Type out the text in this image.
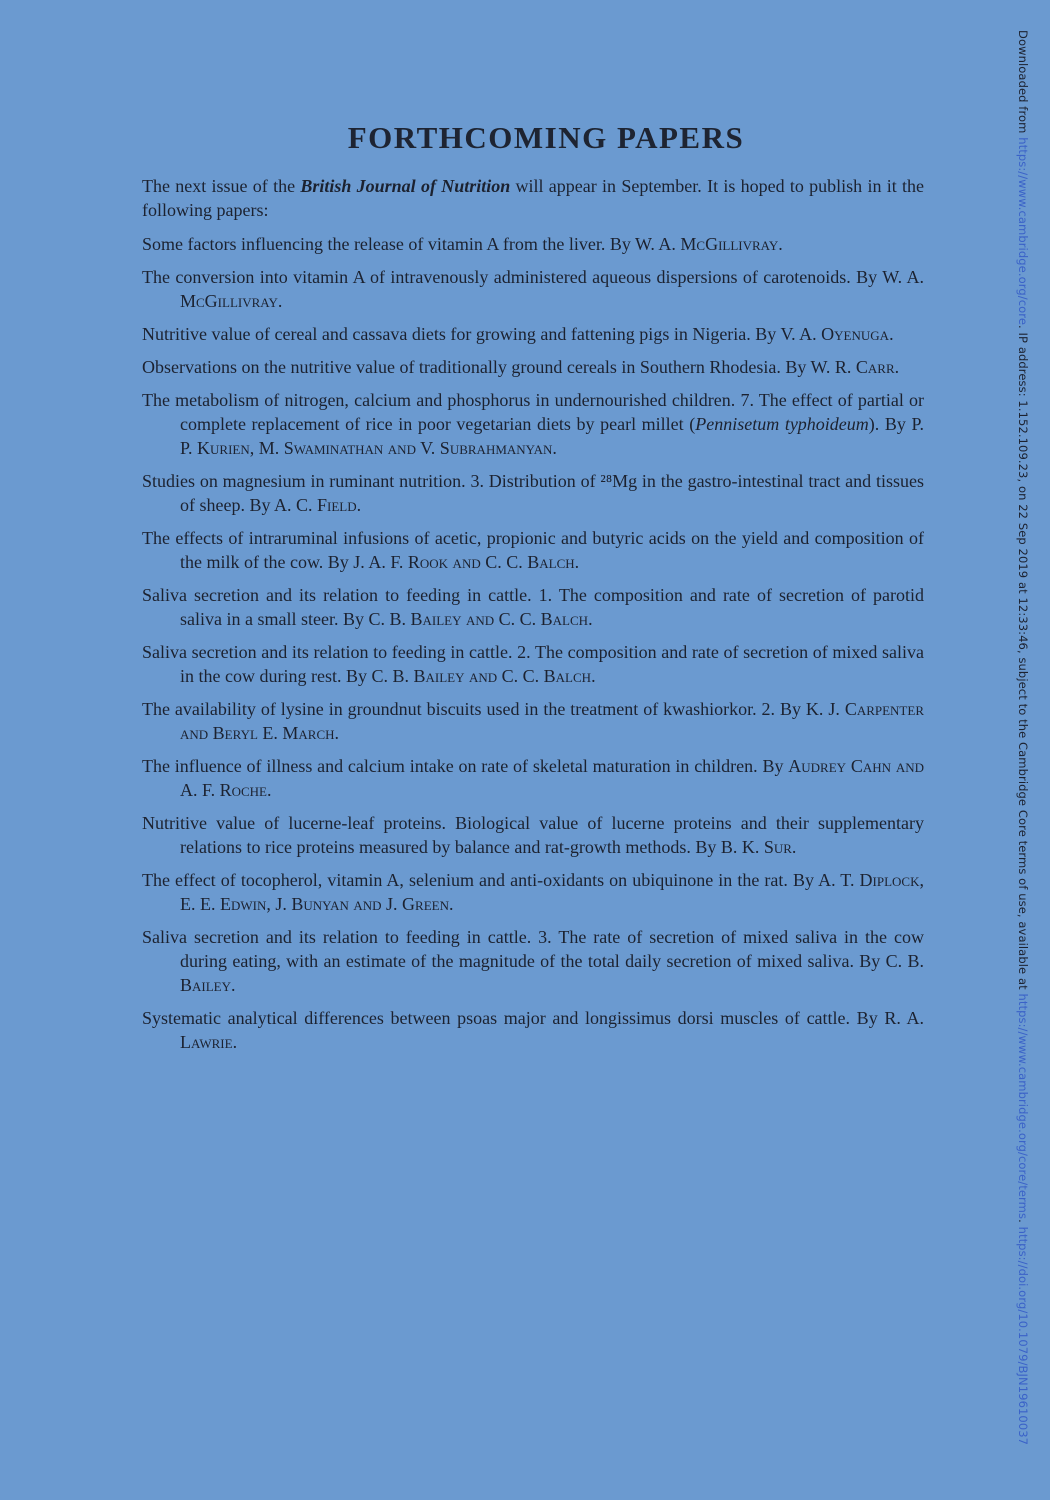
FORTHCOMING PAPERS

The next issue of the British Journal of Nutrition will appear in September. It is hoped to publish in it the following papers:

Some factors influencing the release of vitamin A from the liver. By W. A. McGillivray.

The conversion into vitamin A of intravenously administered aqueous dispersions of carotenoids. By W. A. McGillivray.

Nutritive value of cereal and cassava diets for growing and fattening pigs in Nigeria. By V. A. Oyenuga.

Observations on the nutritive value of traditionally ground cereals in Southern Rhodesia. By W. R. Carr.

The metabolism of nitrogen, calcium and phosphorus in undernourished children. 7. The effect of partial or complete replacement of rice in poor vegetarian diets by pearl millet (Pennisetum typhoideum). By P. P. Kurien, M. Swaminathan and V. Subrahmanyan.

Studies on magnesium in ruminant nutrition. 3. Distribution of ²⁸Mg in the gastro-intestinal tract and tissues of sheep. By A. C. Field.

The effects of intraruminal infusions of acetic, propionic and butyric acids on the yield and composition of the milk of the cow. By J. A. F. Rook and C. C. Balch.

Saliva secretion and its relation to feeding in cattle. 1. The composition and rate of secretion of parotid saliva in a small steer. By C. B. Bailey and C. C. Balch.

Saliva secretion and its relation to feeding in cattle. 2. The composition and rate of secretion of mixed saliva in the cow during rest. By C. B. Bailey and C. C. Balch.

The availability of lysine in groundnut biscuits used in the treatment of kwashiorkor. 2. By K. J. Carpenter and Beryl E. March.

The influence of illness and calcium intake on rate of skeletal maturation in children. By Audrey Cahn and A. F. Roche.

Nutritive value of lucerne-leaf proteins. Biological value of lucerne proteins and their supplementary relations to rice proteins measured by balance and rat-growth methods. By B. K. Sur.

The effect of tocopherol, vitamin A, selenium and anti-oxidants on ubiquinone in the rat. By A. T. Diplock, E. E. Edwin, J. Bunyan and J. Green.

Saliva secretion and its relation to feeding in cattle. 3. The rate of secretion of mixed saliva in the cow during eating, with an estimate of the magnitude of the total daily secretion of mixed saliva. By C. B. Bailey.

Systematic analytical differences between psoas major and longissimus dorsi muscles of cattle. By R. A. Lawrie.

Downloaded from https://www.cambridge.org/core. IP address: 1.152.109.23, on 22 Sep 2019 at 12:33:46, subject to the Cambridge Core terms of use, available at https://www.cambridge.org/core/terms. https://doi.org/10.1079/BJN19610037
